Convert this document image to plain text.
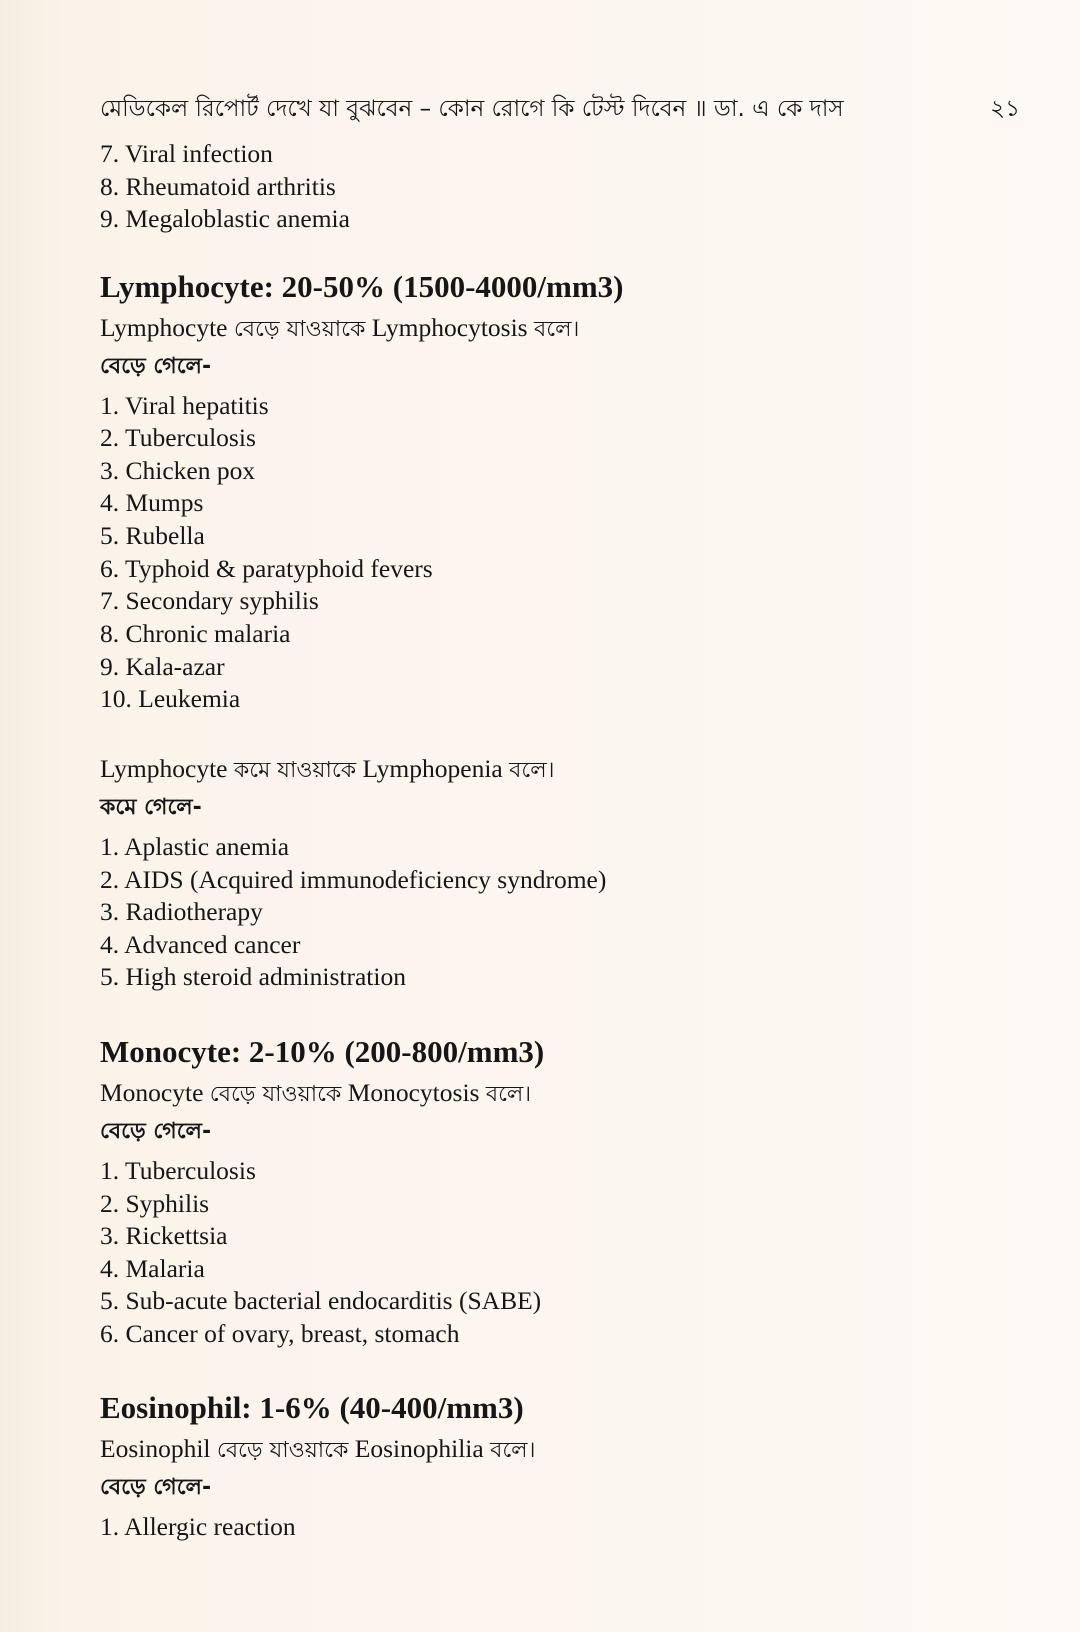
মেডিকেল রিপোর্ট দেখে যা বুঝবেন – কোন রোগে কি টেস্ট দিবেন ॥ ডা. এ কে দাস	২১
7. Viral infection
8. Rheumatoid arthritis
9. Megaloblastic anemia
Lymphocyte: 20-50% (1500-4000/mm3)
Lymphocyte বেড়ে যাওয়াকে Lymphocytosis বলে।
বেড়ে গেলে-
1. Viral hepatitis
2. Tuberculosis
3. Chicken pox
4. Mumps
5. Rubella
6. Typhoid & paratyphoid fevers
7. Secondary syphilis
8. Chronic malaria
9. Kala-azar
10. Leukemia
Lymphocyte কমে যাওয়াকে Lymphopenia বলে।
কমে গেলে-
1. Aplastic anemia
2. AIDS (Acquired immunodeficiency syndrome)
3. Radiotherapy
4. Advanced cancer
5. High steroid administration
Monocyte: 2-10% (200-800/mm3)
Monocyte বেড়ে যাওয়াকে Monocytosis বলে।
বেড়ে গেলে-
1. Tuberculosis
2. Syphilis
3. Rickettsia
4. Malaria
5. Sub-acute bacterial endocarditis (SABE)
6. Cancer of ovary, breast, stomach
Eosinophil: 1-6% (40-400/mm3)
Eosinophil বেড়ে যাওয়াকে Eosinophilia বলে।
বেড়ে গেলে-
1. Allergic reaction
